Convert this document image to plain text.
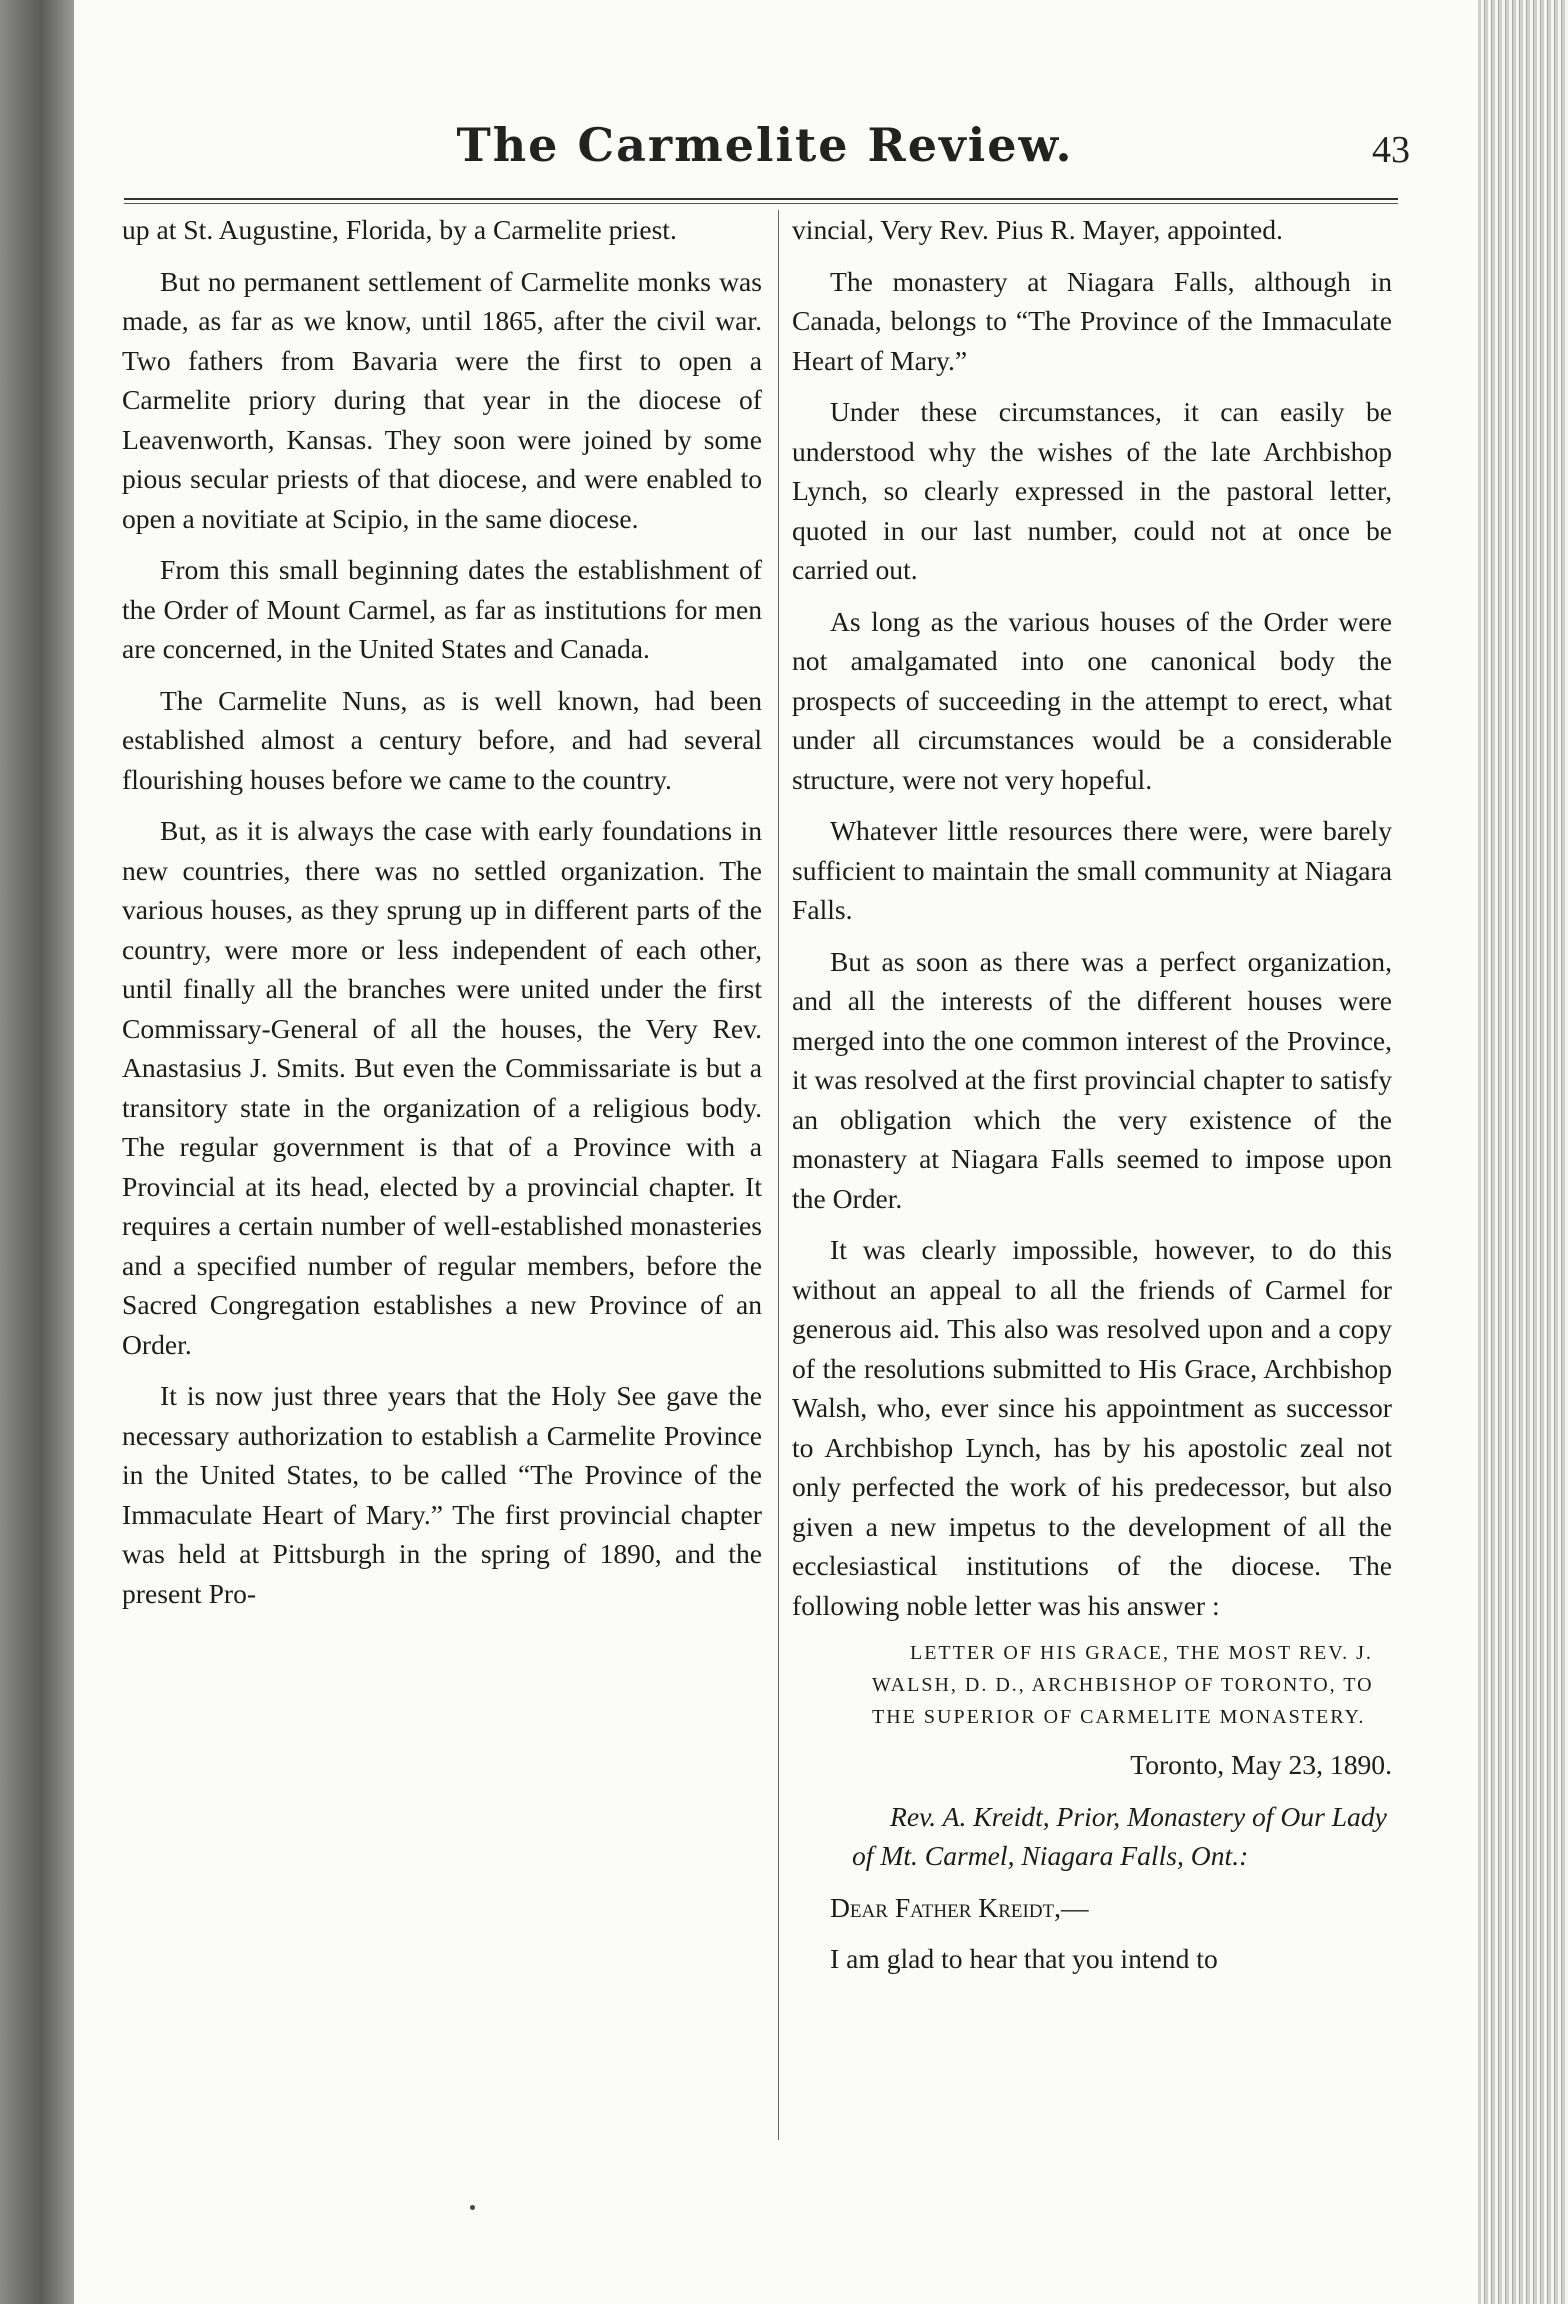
The Carmelite Review.	43

up at St. Augustine, Florida, by a Carmelite priest.

But no permanent settlement of Carmelite monks was made, as far as we know, until 1865, after the civil war. Two fathers from Bavaria were the first to open a Carmelite priory during that year in the diocese of Leavenworth, Kansas. They soon were joined by some pious secular priests of that diocese, and were enabled to open a novitiate at Scipio, in the same diocese.

From this small beginning dates the establishment of the Order of Mount Carmel, as far as institutions for men are concerned, in the United States and Canada.

The Carmelite Nuns, as is well known, had been established almost a century before, and had several flourishing houses before we came to the country.

But, as it is always the case with early foundations in new countries, there was no settled organization. The various houses, as they sprung up in different parts of the country, were more or less independent of each other, until finally all the branches were united under the first Commissary-General of all the houses, the Very Rev. Anastasius J. Smits. But even the Commissariate is but a transitory state in the organization of a religious body. The regular government is that of a Province with a Provincial at its head, elected by a provincial chapter. It requires a certain number of well-established monasteries and a specified number of regular members, before the Sacred Congregation establishes a new Province of an Order.

It is now just three years that the Holy See gave the necessary authorization to establish a Carmelite Province in the United States, to be called “The Province of the Immaculate Heart of Mary.” The first provincial chapter was held at Pittsburgh in the spring of 1890, and the present Pro-

vincial, Very Rev. Pius R. Mayer, appointed.

The monastery at Niagara Falls, although in Canada, belongs to “The Province of the Immaculate Heart of Mary.”

Under these circumstances, it can easily be understood why the wishes of the late Archbishop Lynch, so clearly expressed in the pastoral letter, quoted in our last number, could not at once be carried out.

As long as the various houses of the Order were not amalgamated into one canonical body the prospects of succeeding in the attempt to erect, what under all circumstances would be a considerable structure, were not very hopeful.

Whatever little resources there were, were barely sufficient to maintain the small community at Niagara Falls.

But as soon as there was a perfect organization, and all the interests of the different houses were merged into the one common interest of the Province, it was resolved at the first provincial chapter to satisfy an obligation which the very existence of the monastery at Niagara Falls seemed to impose upon the Order.

It was clearly impossible, however, to do this without an appeal to all the friends of Carmel for generous aid. This also was resolved upon and a copy of the resolutions submitted to His Grace, Archbishop Walsh, who, ever since his appointment as successor to Archbishop Lynch, has by his apostolic zeal not only perfected the work of his predecessor, but also given a new impetus to the development of all the ecclesiastical institutions of the diocese. The following noble letter was his answer :

LETTER OF HIS GRACE, THE MOST REV. J. WALSH, D. D., ARCHBISHOP OF TORONTO, TO THE SUPERIOR OF CARMELITE MONASTERY.

Toronto, May 23, 1890.

Rev. A. Kreidt, Prior, Monastery of Our Lady of Mt. Carmel, Niagara Falls, Ont.:

Dear Father Kreidt,—

I am glad to hear that you intend to
